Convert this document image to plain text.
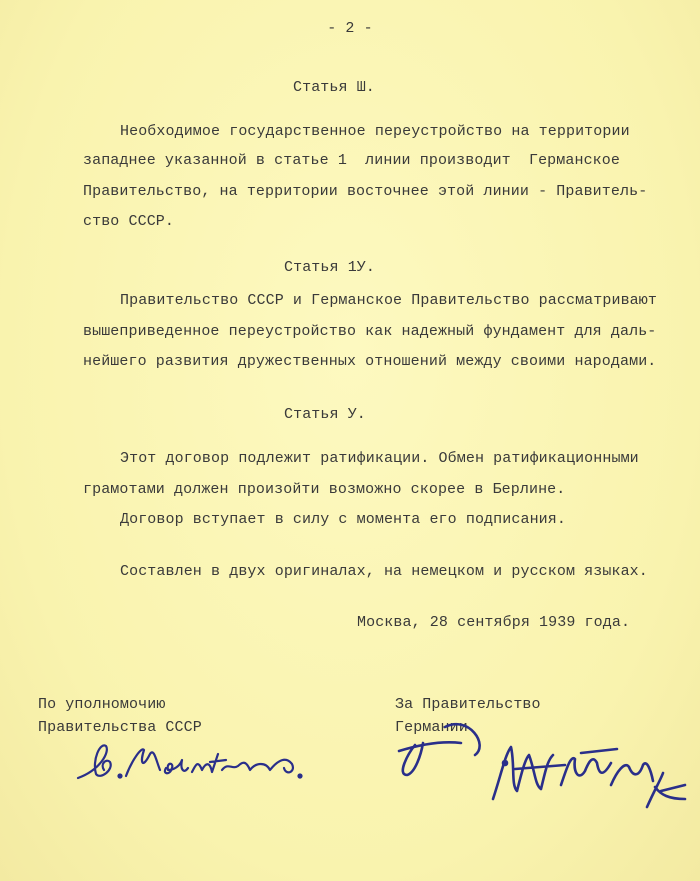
- 2 -
Статья Ш.
Необходимое государственное переустройство на территории
западнее указанной в статье 1  линии производит  Германское
Правительство, на территории восточнее этой линии - Правитель-
ство СССР.
Статья 1У.
Правительство СССР и Германское Правительство рассматривают
вышеприведенное переустройство как надежный фундамент для даль-
нейшего развития дружественных отношений между своими народами.
Статья У.
Этот договор подлежит ратификации. Обмен ратификационными
грамотами должен произойти возможно скорее в Берлине.
Договор вступает в силу с момента его подписания.
Составлен в двух оригиналах, на немецком и русском языках.
Москва, 28 сентября 1939 года.
По уполномочию
Правительства СССР
За Правительство
Германии
